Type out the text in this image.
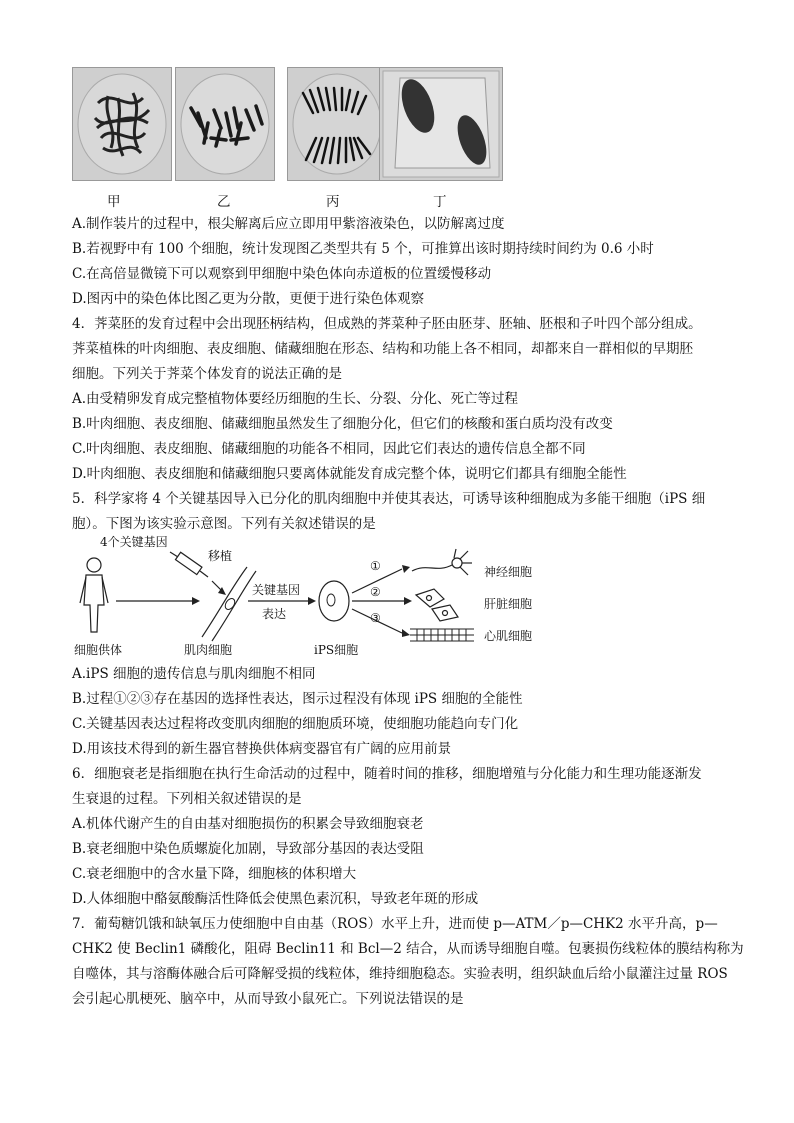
甲	乙	丙	丁
A.制作装片的过程中，根尖解离后应立即用甲紫溶液染色，以防解离过度
B.若视野中有 100 个细胞，统计发现图乙类型共有 5 个，可推算出该时期持续时间约为 0.6 小时
C.在高倍显微镜下可以观察到甲细胞中染色体向赤道板的位置缓慢移动
D.图丙中的染色体比图乙更为分散，更便于进行染色体观察
4．荠菜胚的发育过程中会出现胚柄结构，但成熟的荠菜种子胚由胚芽、胚轴、胚根和子叶四个部分组成。
荠菜植株的叶肉细胞、表皮细胞、储藏细胞在形态、结构和功能上各不相同，却都来自一群相似的早期胚
细胞。下列关于荠菜个体发育的说法正确的是
A.由受精卵发育成完整植物体要经历细胞的生长、分裂、分化、死亡等过程
B.叶肉细胞、表皮细胞、储藏细胞虽然发生了细胞分化，但它们的核酸和蛋白质均没有改变
C.叶肉细胞、表皮细胞、储藏细胞的功能各不相同，因此它们表达的遗传信息全都不同
D.叶肉细胞、表皮细胞和储藏细胞只要离体就能发育成完整个体，说明它们都具有细胞全能性
5．科学家将 4 个关键基因导入已分化的肌肉细胞中并使其表达，可诱导该种细胞成为多能干细胞（iPS 细
胞）。下图为该实验示意图。下列有关叙述错误的是
4个关键基因
移植
关键基因
表达
细胞供体	肌肉细胞	iPS细胞
①
②
③
神经细胞
肝脏细胞
心肌细胞
A.iPS 细胞的遗传信息与肌肉细胞不相同
B.过程①②③存在基因的选择性表达，图示过程没有体现 iPS 细胞的全能性
C.关键基因表达过程将改变肌肉细胞的细胞质环境，使细胞功能趋向专门化
D.用该技术得到的新生器官替换供体病变器官有广阔的应用前景
6．细胞衰老是指细胞在执行生命活动的过程中，随着时间的推移，细胞增殖与分化能力和生理功能逐渐发
生衰退的过程。下列相关叙述错误的是
A.机体代谢产生的自由基对细胞损伤的积累会导致细胞衰老
B.衰老细胞中染色质螺旋化加剧，导致部分基因的表达受阻
C.衰老细胞中的含水量下降，细胞核的体积增大
D.人体细胞中酪氨酸酶活性降低会使黑色素沉积，导致老年斑的形成
7．葡萄糖饥饿和缺氧压力使细胞中自由基（ROS）水平上升，进而使 p—ATM／p—CHK2 水平升高，p—
CHK2 使 Beclin1 磷酸化，阻碍 Beclin11 和 Bcl—2 结合，从而诱导细胞自噬。包裹损伤线粒体的膜结构称为
自噬体，其与溶酶体融合后可降解受损的线粒体，维持细胞稳态。实验表明，组织缺血后给小鼠灌注过量 ROS
会引起心肌梗死、脑卒中，从而导致小鼠死亡。下列说法错误的是
